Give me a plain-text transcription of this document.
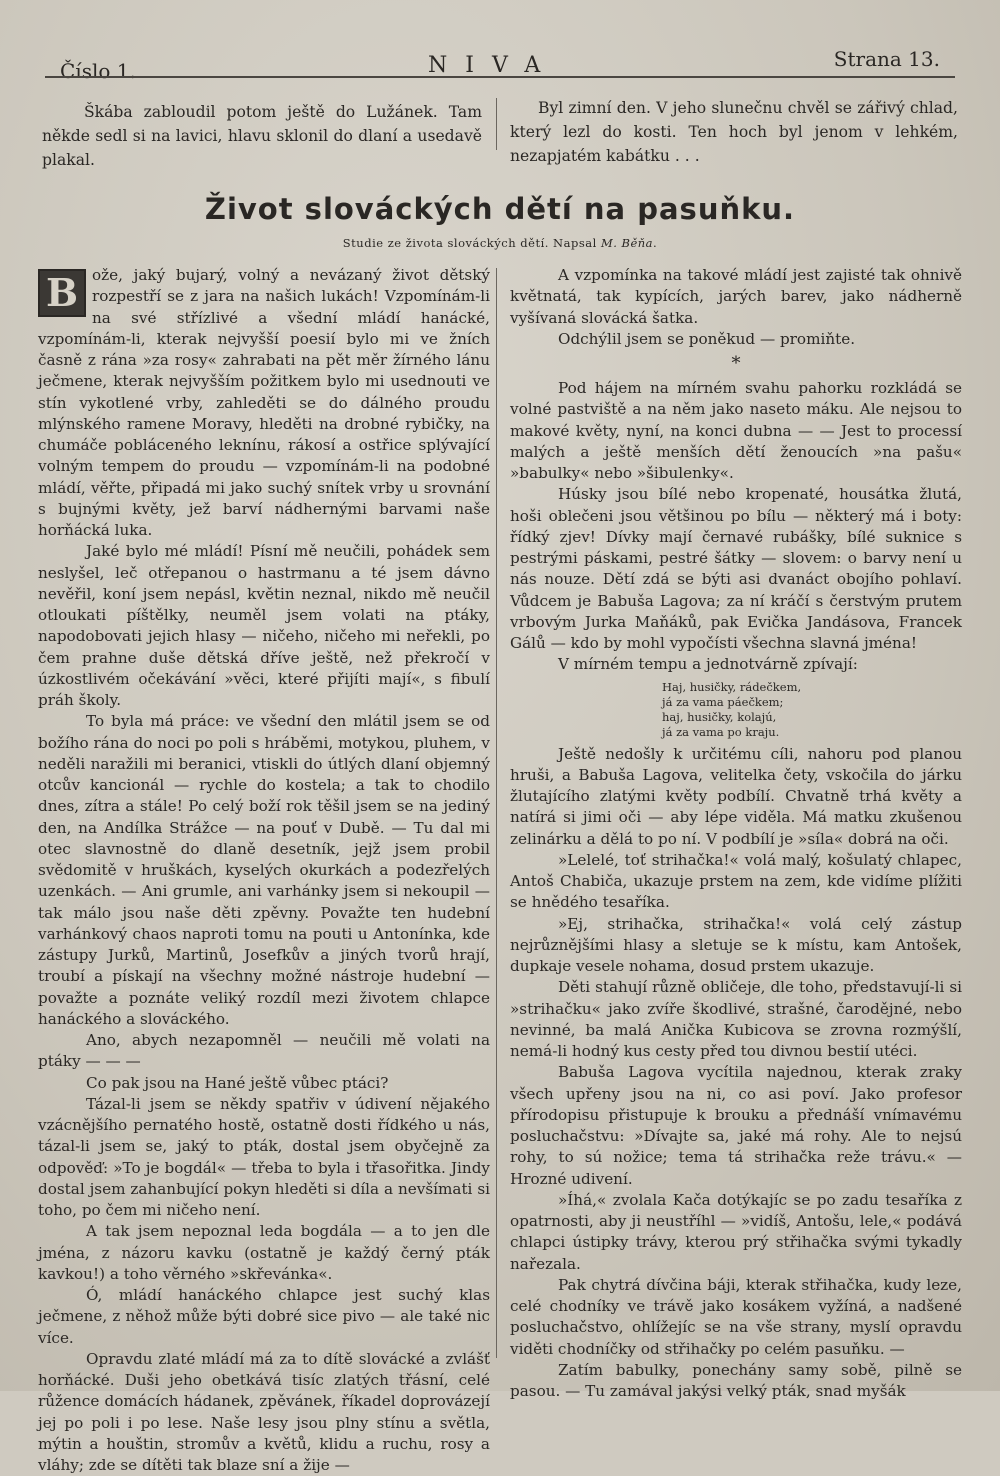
Číslo 1.	NIVA	Strana 13.

Škába zabloudil potom ještě do Lužánek. Tam někde sedl si na lavici, hlavu sklonil do dlaní a usedavě plakal.

Byl zimní den. V jeho slunečnu chvěl se zářivý chlad, který lezl do kosti. Ten hoch byl jenom v lehkém, nezapjatém kabátku . . .

Život slováckých dětí na pasuňku.
Studie ze života slováckých dětí. Napsal M. Běňa.

B ože, jaký bujarý, volný a nevázaný život dětský rozpestří se z jara na našich lukách! Vzpomínám-li na své střízlivé a všední mládí hanácké, vzpomínám-li, kterak nejvyšší poesií bylo mi ve žních časně z rána »za rosy« zahrabati na pět měr žírného lánu ječmene, kterak nejvyšším požitkem bylo mi usednouti ve stín vykotlené vrby, zahleděti se do dálného proudu mlýnského ramene Moravy, hleděti na drobné rybičky, na chumáče pobláceného leknínu, rákosí a ostřice splývající volným tempem do proudu — vzpomínám-li na podobné mládí, věřte, připadá mi jako suchý snítek vrby u srovnání s bujnými květy, jež barví nádhernými barvami naše horňácká luka.

Jaké bylo mé mládí! Písní mě neučili, pohádek sem neslyšel, leč otřepanou o hastrmanu a té jsem dávno nevěřil, koní jsem nepásl, květin neznal, nikdo mě neučil otloukati píštělky, neuměl jsem volati na ptáky, napodobovati jejich hlasy — ničeho, ničeho mi neřekli, po čem prahne duše dětská dříve ještě, než překročí v úzkostlivém očekávání »věci, které přijíti mají«, s fibulí práh školy.

To byla má práce: ve všední den mlátil jsem se od božího rána do noci po poli s hráběmi, motykou, pluhem, v neděli naražili mi beranici, vtiskli do útlých dlaní objemný otcův kancionál — rychle do kostela; a tak to chodilo dnes, zítra a stále! Po celý boží rok těšil jsem se na jediný den, na Andílka Strážce — na pouť v Dubě. — Tu dal mi otec slavnostně do dlaně desetník, jejž jsem probil svědomitě v hruškách, kyselých okurkách a podezřelých uzenkách. — Ani grumle, ani varhánky jsem si nekoupil — tak málo jsou naše děti zpěvny. Považte ten hudební varhánkový chaos naproti tomu na pouti u Antonínka, kde zástupy Jurků, Martinů, Josefkův a jiných tvorů hrají, troubí a pískají na všechny možné nástroje hudební — považte a poznáte veliký rozdíl mezi životem chlapce hanáckého a slováckého.

Ano, abych nezapomněl — neučili mě volati na ptáky — — —

Co pak jsou na Hané ještě vůbec ptáci?

Tázal-li jsem se někdy spatřiv v údivení nějakého vzácnějšího pernatého hostě, ostatně dosti řídkého u nás, tázal-li jsem se, jaký to pták, dostal jsem obyčejně za odpověď: »To je bogdál« — třeba to byla i třasořitka. Jindy dostal jsem zahanbující pokyn hleděti si díla a nevšímati si toho, po čem mi ničeho není.

A tak jsem nepoznal leda bogdála — a to jen dle jména, z názoru kavku (ostatně je každý černý pták kavkou!) a toho věrného »skřevánka«.

Ó, mládí hanáckého chlapce jest suchý klas ječmene, z něhož může býti dobré sice pivo — ale také nic více.

Opravdu zlaté mládí má za to dítě slovácké a zvlášť horňácké. Duši jeho obetkává tisíc zlatých třásní, celé růžence domácích hádanek, zpěvánek, říkadel doprovázejí jej po poli i po lese. Naše lesy jsou plny stínu a světla, mýtin a houštin, stromův a květů, klidu a ruchu, rosy a vláhy; zde se dítěti tak blaze sní a žije —

A vzpomínka na takové mládí jest zajisté tak ohnivě květnatá, tak kypících, jarých barev, jako nádherně vyšívaná slovácká šatka.

Odchýlil jsem se poněkud — promiňte.

*

Pod hájem na mírném svahu pahorku rozkládá se volné pastviště a na něm jako naseto máku. Ale nejsou to makové květy, nyní, na konci dubna — — Jest to processí malých a ještě menších dětí ženoucích »na pašu« »babulky« nebo »šibulenky«.

Húsky jsou bílé nebo kropenaté, housátka žlutá, hoši oblečeni jsou většinou po bílu — některý má i boty: řídký zjev! Dívky mají černavé rubášky, bílé suknice s pestrými páskami, pestré šátky — slovem: o barvy není u nás nouze. Dětí zdá se býti asi dvanáct obojího pohlaví. Vůdcem je Babuša Lagova; za ní kráčí s čerstvým prutem vrbovým Jurka Maňáků, pak Evička Jandásova, Francek Gálů — kdo by mohl vypočísti všechna slavná jména!

V mírném tempu a jednotvárně zpívají:

Haj, husičky, rádečkem,
já za vama páečkem;
haj, husičky, kolajú,
já za vama po kraju.

Ještě nedošly k určitému cíli, nahoru pod planou hruši, a Babuša Lagova, velitelka čety, vskočila do járku žlutajícího zlatými květy podbílí. Chvatně trhá květy a natírá si jimi oči — aby lépe viděla. Má matku zkušenou zelinárku a dělá to po ní. V podbílí je »síla« dobrá na oči.

»Lelelé, toť strihačka!« volá malý, košulatý chlapec, Antoš Chabiča, ukazuje prstem na zem, kde vidíme plížiti se hnědého tesaříka.

»Ej, strihačka, strihačka!« volá celý zástup nejrůznějšími hlasy a sletuje se k místu, kam Antošek, dupkaje vesele nohama, dosud prstem ukazuje.

Děti stahují různě obličeje, dle toho, představují-li si »strihačku« jako zvíře škodlivé, strašné, čarodějné, nebo nevinné, ba malá Anička Kubicova se zrovna rozmýšlí, nemá-li hodný kus cesty před tou divnou bestií utéci.

Babuša Lagova vycítila najednou, kterak zraky všech upřeny jsou na ni, co asi poví. Jako profesor přírodopisu přistupuje k brouku a přednáší vnímavému posluchačstvu: »Dívajte sa, jaké má rohy. Ale to nejsú rohy, to sú nožice; tema tá strihačka reže trávu.« — Hrozné udivení.

»Íhá,« zvolala Kača dotýkajíc se po zadu tesaříka z opatrnosti, aby ji neustříhl — »vidíš, Antošu, lele,« podává chlapci ústipky trávy, kterou prý střihačka svými tykadly nařezala.

Pak chytrá dívčina báji, kterak střihačka, kudy leze, celé chodníky ve trávě jako kosákem vyžíná, a nadšené posluchačstvo, ohlížejíc se na vše strany, myslí opravdu viděti chodníčky od střihačky po celém pasuňku. —

Zatím babulky, ponechány samy sobě, pilně se pasou. — Tu zamával jakýsi velký pták, snad myšák
